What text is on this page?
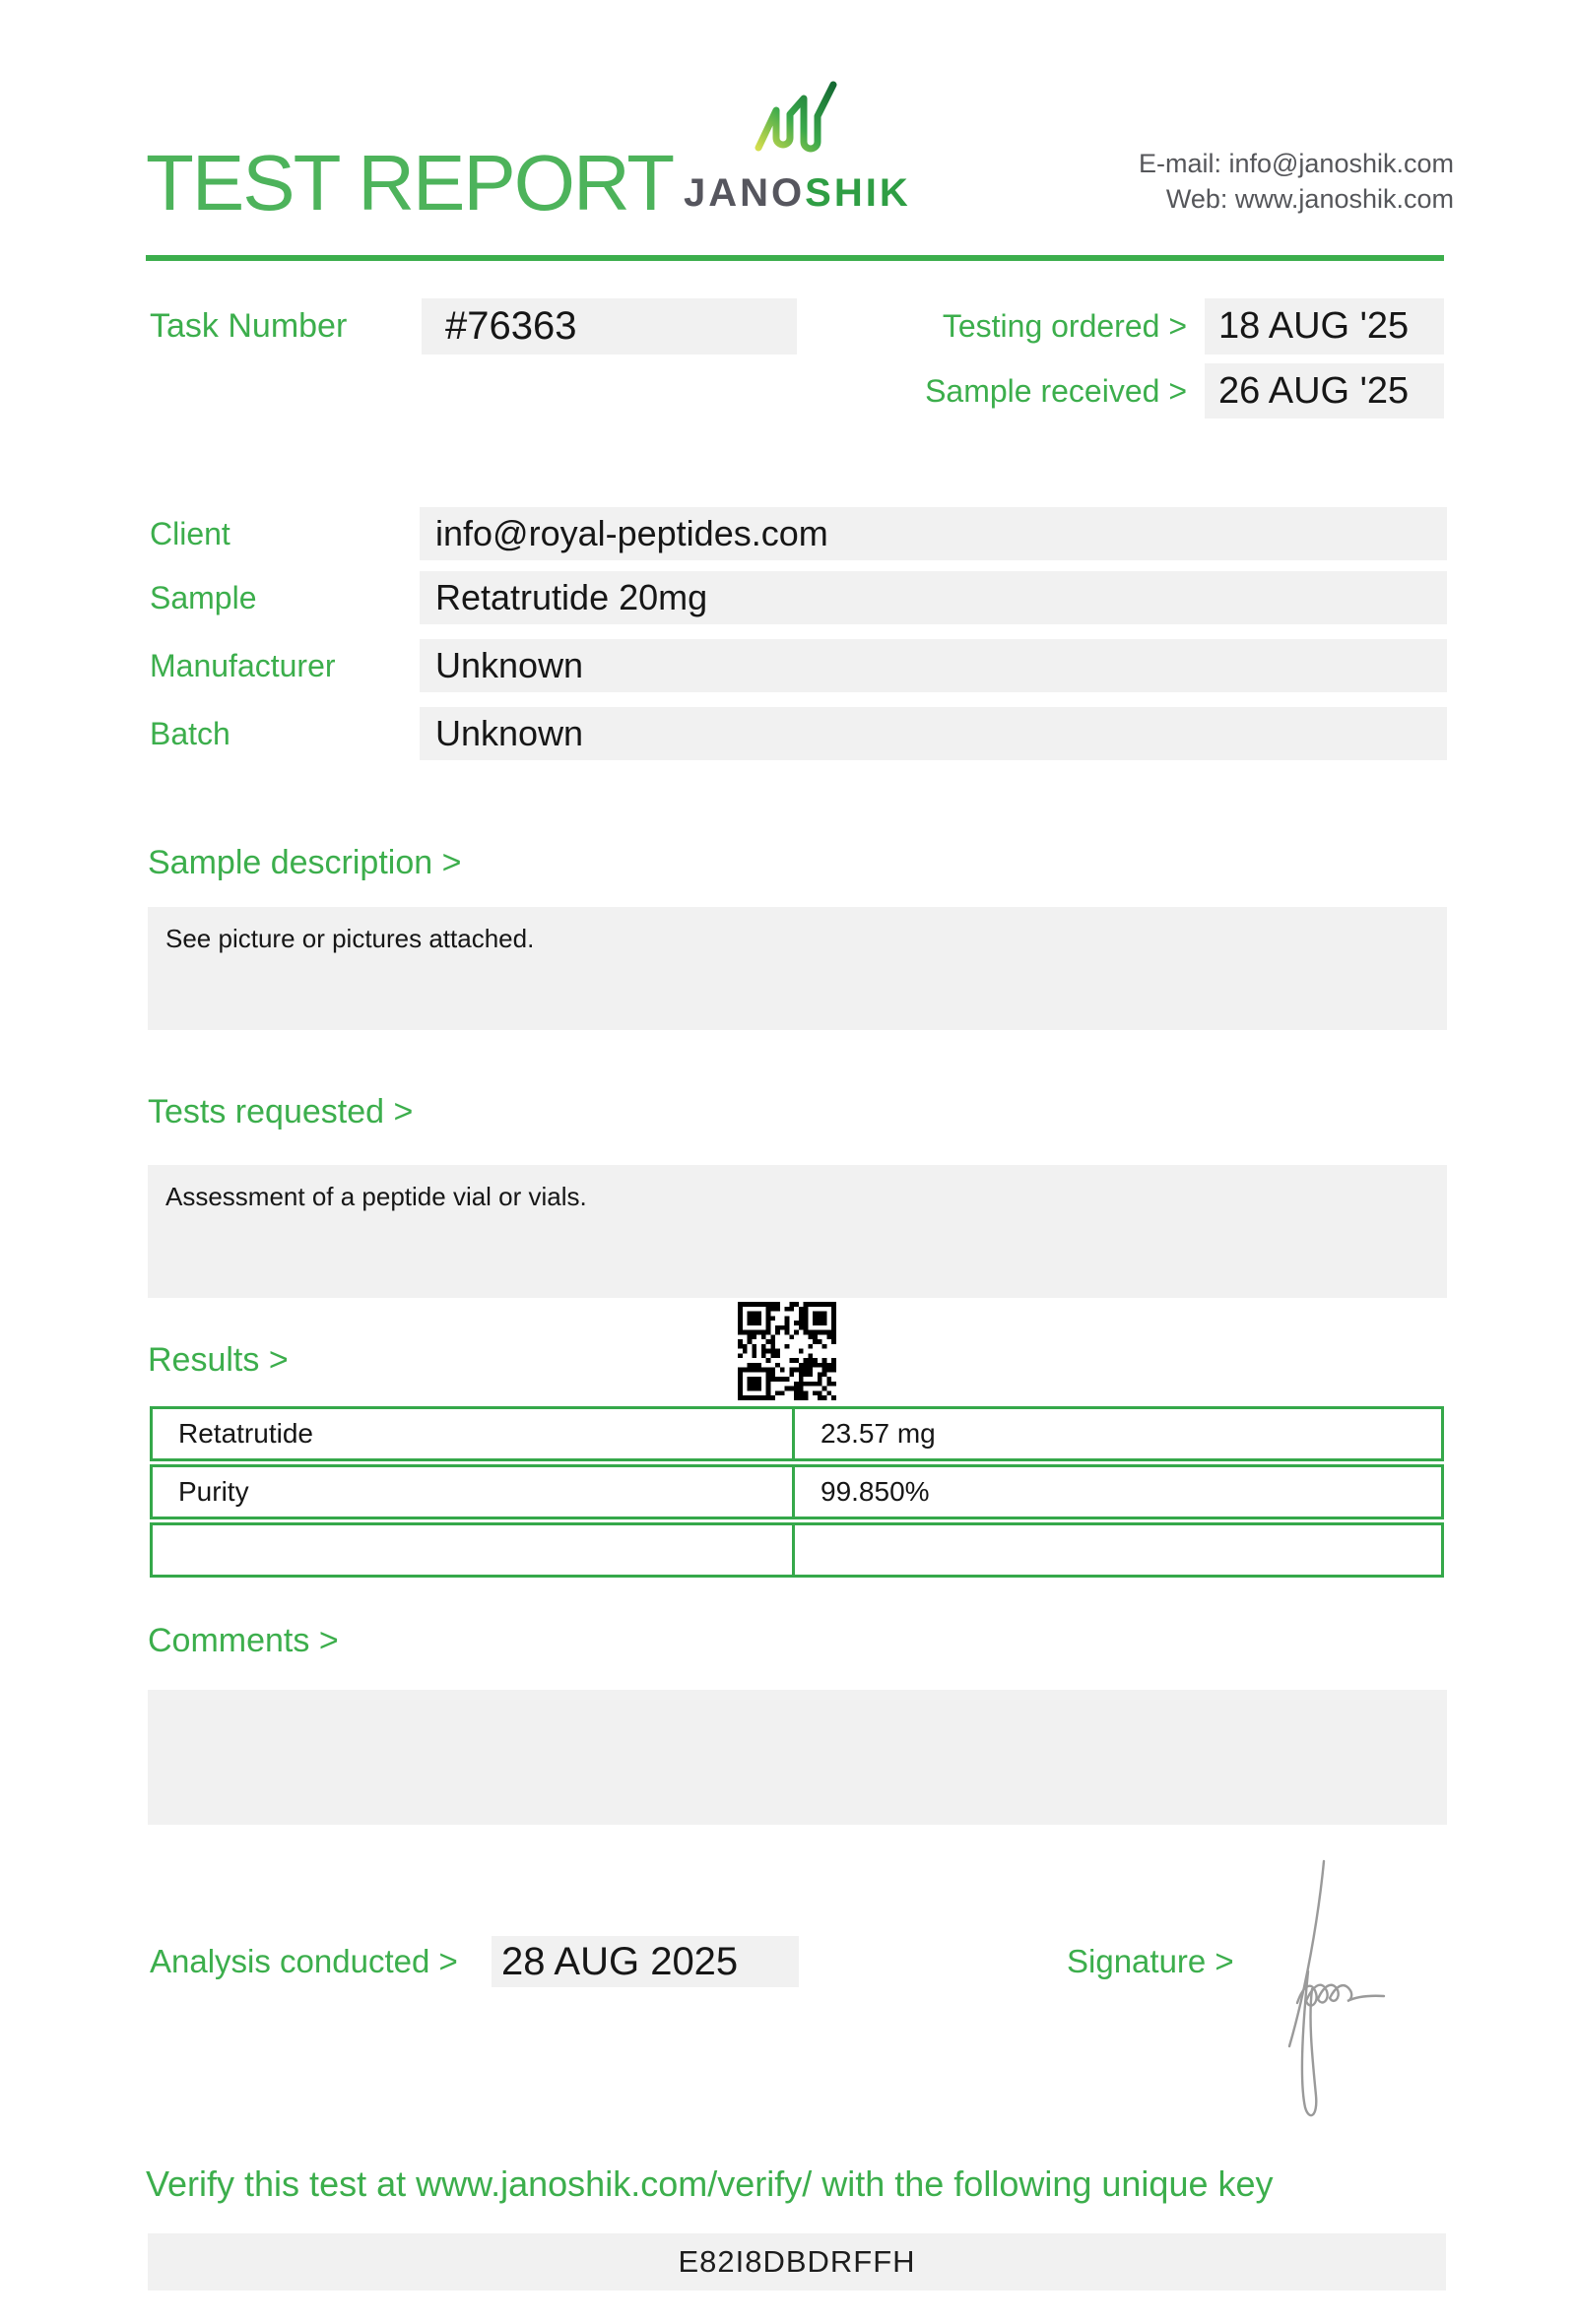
TEST REPORT JANOSHIK
E-mail: info@janoshik.com
Web: www.janoshik.com
Task Number	#76363	Testing ordered > 18 AUG '25
Sample received > 26 AUG '25
Client	info@royal-peptides.com
Sample	Retatrutide 20mg
Manufacturer	Unknown
Batch	Unknown
Sample description >
See picture or pictures attached.
Tests requested >
Assessment of a peptide vial or vials.
Results >
Retatrutide	23.57 mg
Purity	99.850%
Comments >
Analysis conducted > 28 AUG 2025	Signature >
Verify this test at www.janoshik.com/verify/ with the following unique key
E82I8DBDRFFH
